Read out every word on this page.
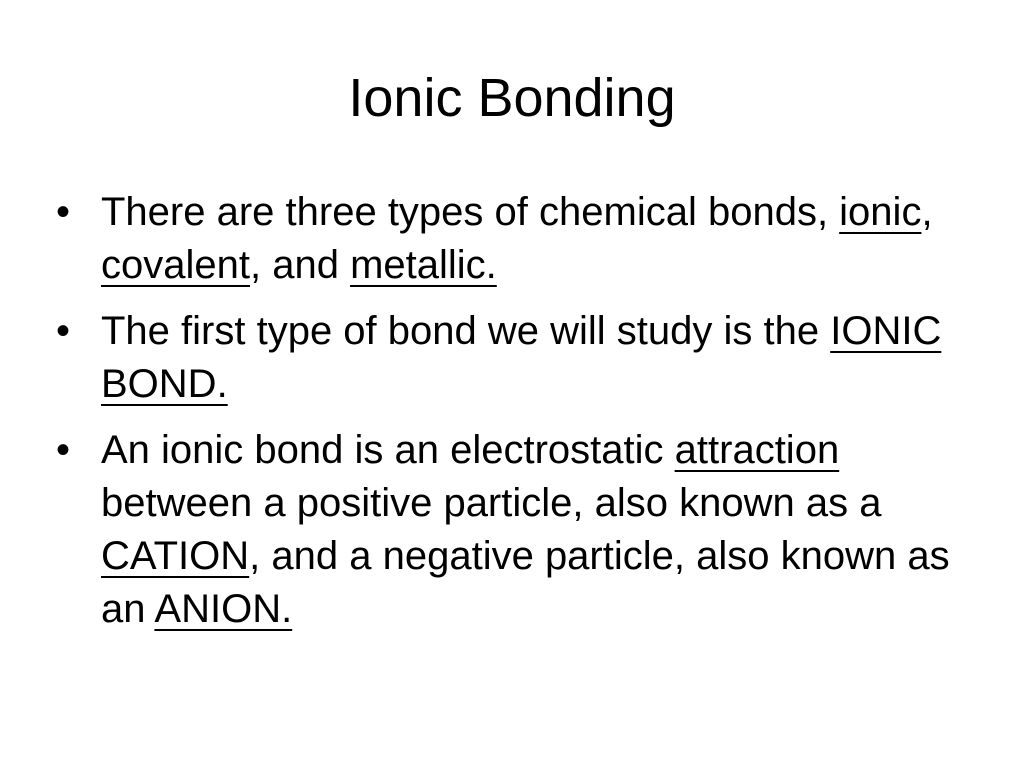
Ionic Bonding
• There are three types of chemical bonds, ionic, covalent, and metallic.
• The first type of bond we will study is the IONIC BOND.
• An ionic bond is an electrostatic attraction between a positive particle, also known as a CATION, and a negative particle, also known as an ANION.
